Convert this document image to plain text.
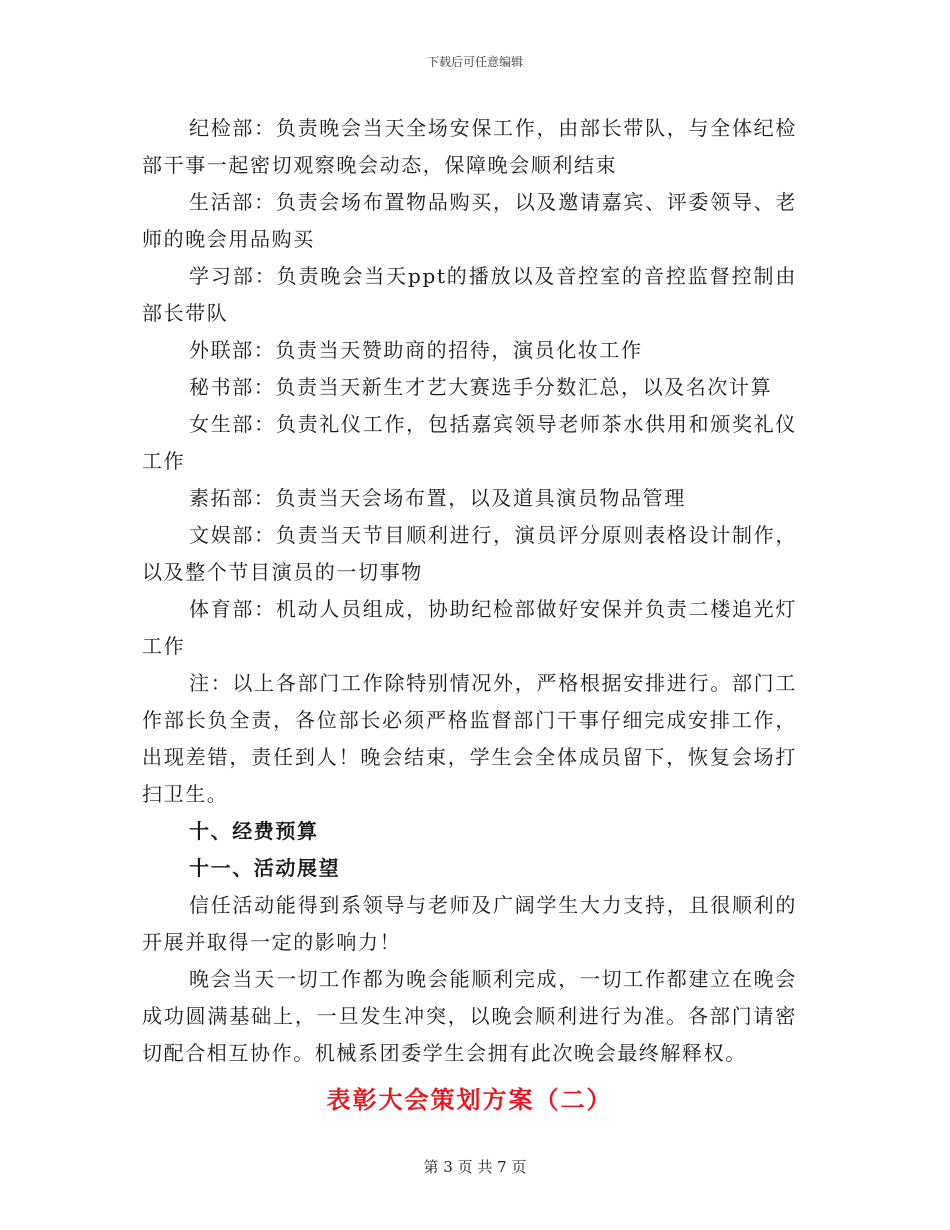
下载后可任意编辑

纪检部：负责晚会当天全场安保工作，由部长带队，与全体纪检部干事一起密切观察晚会动态，保障晚会顺利结束

生活部：负责会场布置物品购买，以及邀请嘉宾、评委领导、老师的晚会用品购买

学习部：负责晚会当天ppt的播放以及音控室的音控监督控制由部长带队

外联部：负责当天赞助商的招待，演员化妆工作

秘书部：负责当天新生才艺大赛选手分数汇总，以及名次计算

女生部：负责礼仪工作，包括嘉宾领导老师茶水供用和颁奖礼仪工作

素拓部：负责当天会场布置，以及道具演员物品管理

文娱部：负责当天节目顺利进行，演员评分原则表格设计制作，以及整个节目演员的一切事物

体育部：机动人员组成，协助纪检部做好安保并负责二楼追光灯工作

注：以上各部门工作除特别情况外，严格根据安排进行。部门工作部长负全责，各位部长必须严格监督部门干事仔细完成安排工作，出现差错，责任到人！晚会结束，学生会全体成员留下，恢复会场打扫卫生。

十、经费预算

十一、活动展望

信任活动能得到系领导与老师及广阔学生大力支持，且很顺利的开展并取得一定的影响力！

晚会当天一切工作都为晚会能顺利完成，一切工作都建立在晚会成功圆满基础上，一旦发生冲突，以晚会顺利进行为准。各部门请密切配合相互协作。机械系团委学生会拥有此次晚会最终解释权。

表彰大会策划方案（二）

第 3 页 共 7 页
